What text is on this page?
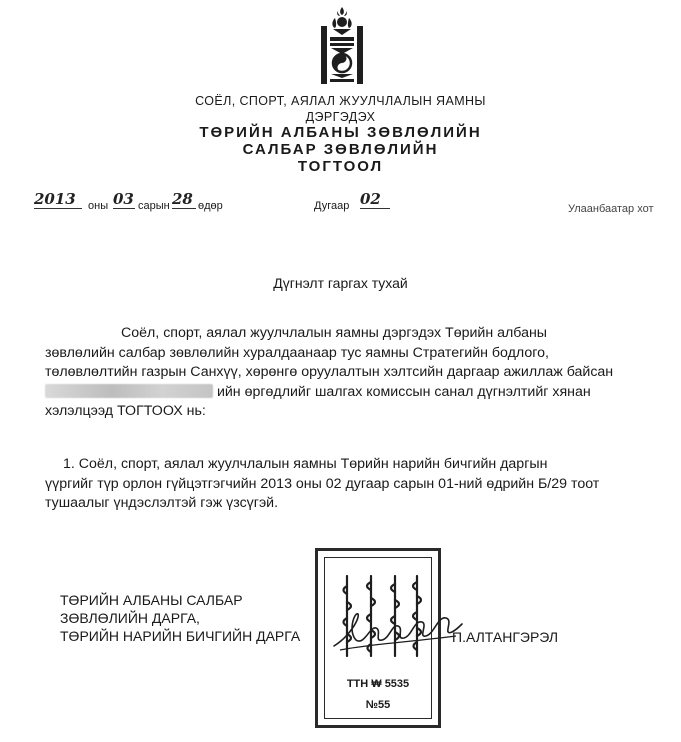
СОЁЛ, СПОРТ, АЯЛАЛ ЖУУЛЧЛАЛЫН ЯАМНЫ
ДЭРГЭДЭХ
ТӨРИЙН АЛБАНЫ ЗӨВЛӨЛИЙН
САЛБАР ЗӨВЛӨЛИЙН
ТОГТООЛ
2013	оны 03 сарын 28 өдөр	Дугаар 02
Улаанбаатар хот
Дүгнэлт гаргах тухай
Соёл, спорт, аялал жуулчлалын яамны дэргэдэх Төрийн албаны
зөвлөлийн салбар зөвлөлийн хуралдаанаар тус яамны Стратегийн бодлого,
төлөвлөлтийн газрын Санхүү, хөрөнгө оруулалтын хэлтсийн даргаар ажиллаж байсан
ийн өргөдлийг шалгах комиссын санал дүгнэлтийг хянан
хэлэлцээд ТОГТООХ нь:
1. Соёл, спорт, аялал жуулчлалын яамны Төрийн нарийн бичгийн даргын
үүргийг түр орлон гүйцэтгэгчийн 2013 оны 02 дугаар сарын 01-ний өдрийн Б/29 тоот
тушаалыг үндэслэлтэй гэж үзсүгэй.
ТТН ₩ 5535
№55
ТӨРИЙН АЛБАНЫ САЛБАР
ЗӨВЛӨЛИЙН ДАРГА,
ТӨРИЙН НАРИЙН БИЧГИЙН ДАРГА	П.АЛТАНГЭРЭЛ
